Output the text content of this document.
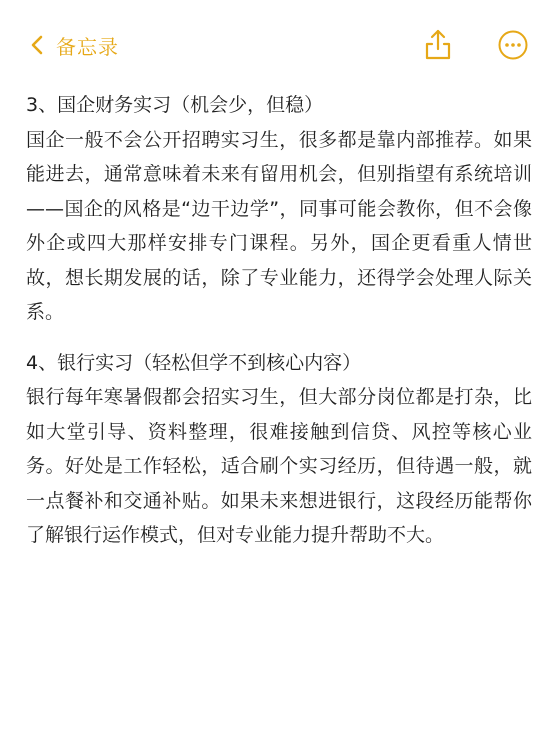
备忘录
3、国企财务实习（机会少，但稳）
国企一般不会公开招聘实习生，很多都是靠内部推荐。如果能进去，通常意味着未来有留用机会，但别指望有系统培训——国企的风格是“边干边学”，同事可能会教你，但不会像外企或四大那样安排专门课程。另外，国企更看重人情世故，想长期发展的话，除了专业能力，还得学会处理人际关系。
4、银行实习（轻松但学不到核心内容）
银行每年寒暑假都会招实习生，但大部分岗位都是打杂，比如大堂引导、资料整理，很难接触到信贷、风控等核心业务。好处是工作轻松，适合刷个实习经历，但待遇一般，就一点餐补和交通补贴。如果未来想进银行，这段经历能帮你了解银行运作模式，但对专业能力提升帮助不大。
